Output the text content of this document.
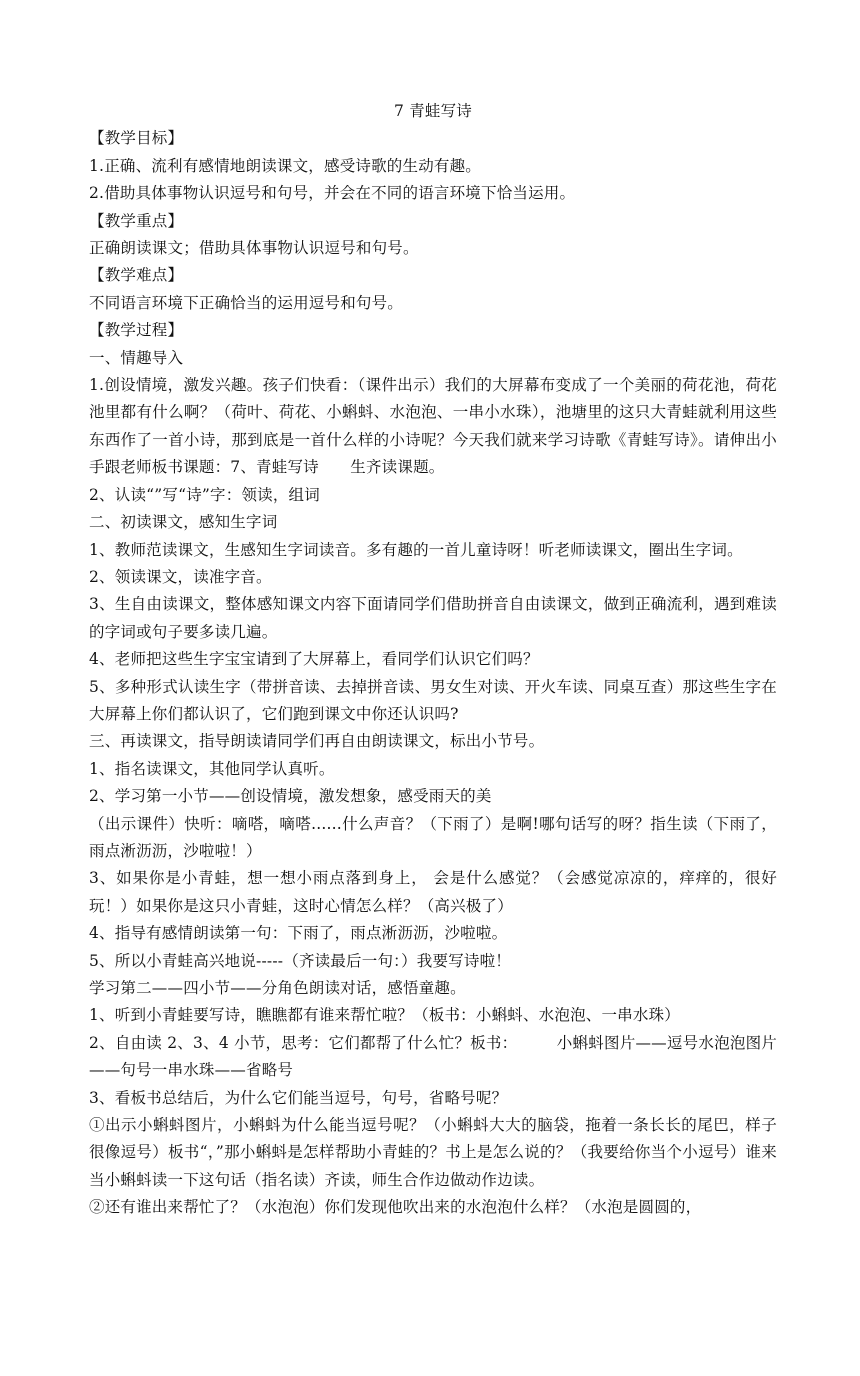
7 青蛙写诗

【教学目标】

1.正确、流利有感情地朗读课文，感受诗歌的生动有趣。

2.借助具体事物认识逗号和句号，并会在不同的语言环境下恰当运用。

【教学重点】

正确朗读课文；借助具体事物认识逗号和句号。

【教学难点】

不同语言环境下正确恰当的运用逗号和句号。

【教学过程】

一、情趣导入

1.创设情境，激发兴趣。孩子们快看：（课件出示）我们的大屏幕布变成了一个美丽的荷花池，荷花池里都有什么啊？（荷叶、荷花、小蝌蚪、水泡泡、一串小水珠），池塘里的这只大青蛙就利用这些东西作了一首小诗，那到底是一首什么样的小诗呢？今天我们就来学习诗歌《青蛙写诗》。请伸出小手跟老师板书课题：7、青蛙写诗　　生齐读课题。

2、认读“”写“诗”字：领读，组词

二、初读课文，感知生字词

1、教师范读课文，生感知生字词读音。多有趣的一首儿童诗呀！听老师读课文，圈出生字词。

2、领读课文，读准字音。

3、生自由读课文，整体感知课文内容下面请同学们借助拼音自由读课文，做到正确流利，遇到难读的字词或句子要多读几遍。

4、老师把这些生字宝宝请到了大屏幕上，看同学们认识它们吗？

5、多种形式认读生字（带拼音读、去掉拼音读、男女生对读、开火车读、同桌互查）那这些生字在大屏幕上你们都认识了，它们跑到课文中你还认识吗?

三、再读课文，指导朗读请同学们再自由朗读课文，标出小节号。

1、指名读课文，其他同学认真听。

2、学习第一小节——创设情境，激发想象，感受雨天的美

（出示课件）快听：嘀嗒，嘀嗒......什么声音？（下雨了）是啊!哪句话写的呀？指生读（下雨了，雨点淅沥沥，沙啦啦！）

3、如果你是小青蛙，想一想小雨点落到身上， 会是什么感觉？（会感觉凉凉的，痒痒的，很好玩！）如果你是这只小青蛙，这时心情怎么样？（高兴极了）

4、指导有感情朗读第一句：下雨了，雨点淅沥沥，沙啦啦。

5、所以小青蛙高兴地说-----（齐读最后一句：）我要写诗啦！

学习第二——四小节——分角色朗读对话，感悟童趣。

1、听到小青蛙要写诗，瞧瞧都有谁来帮忙啦？（板书：小蝌蚪、水泡泡、一串水珠）

2、自由读 2、3、4 小节，思考：它们都帮了什么忙？板书：　　　小蝌蚪图片——逗号水泡泡图片——句号一串水珠——省略号

3、看板书总结后，为什么它们能当逗号，句号，省略号呢？

①出示小蝌蚪图片，小蝌蚪为什么能当逗号呢？（小蝌蚪大大的脑袋，拖着一条长长的尾巴，样子很像逗号）板书“，”那小蝌蚪是怎样帮助小青蛙的？书上是怎么说的？（我要给你当个小逗号）谁来当小蝌蚪读一下这句话（指名读）齐读，师生合作边做动作边读。

②还有谁出来帮忙了？（水泡泡）你们发现他吹出来的水泡泡什么样？（水泡是圆圆的，
